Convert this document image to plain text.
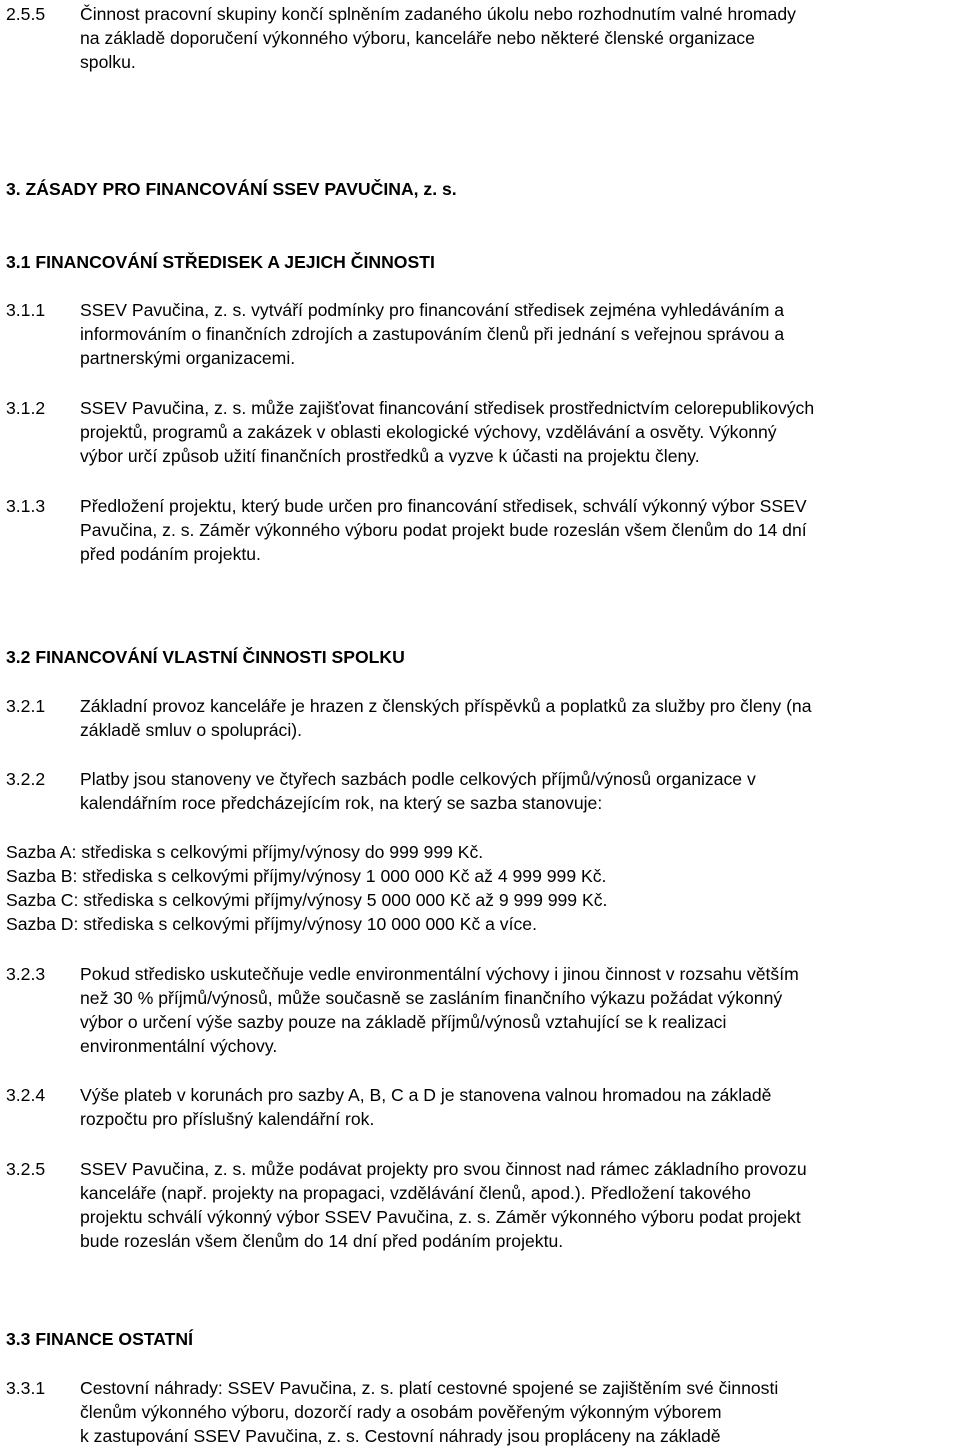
2.5.5 Činnost pracovní skupiny končí splněním zadaného úkolu nebo rozhodnutím valné hromady
na základě doporučení výkonného výboru, kanceláře nebo některé členské organizace
spolku.
3. ZÁSADY PRO FINANCOVÁNÍ SSEV PAVUČINA, z. s.
3.1 FINANCOVÁNÍ STŘEDISEK A JEJICH ČINNOSTI
3.1.1 SSEV Pavučina, z. s. vytváří podmínky pro financování středisek zejména vyhledáváním a
informováním o finančních zdrojích a zastupováním členů při jednání s veřejnou správou a
partnerskými organizacemi.
3.1.2 SSEV Pavučina, z. s. může zajišťovat financování středisek prostřednictvím celorepublikových
projektů, programů a zakázek v oblasti ekologické výchovy, vzdělávání a osvěty. Výkonný
výbor určí způsob užití finančních prostředků a vyzve k účasti na projektu členy.
3.1.3 Předložení projektu, který bude určen pro financování středisek, schválí výkonný výbor SSEV
Pavučina, z. s. Záměr výkonného výboru podat projekt bude rozeslán všem členům do 14 dní
před podáním projektu.
3.2 FINANCOVÁNÍ VLASTNÍ ČINNOSTI SPOLKU
3.2.1 Základní provoz kanceláře je hrazen z členských příspěvků a poplatků za služby pro členy (na
základě smluv o spolupráci).
3.2.2 Platby jsou stanoveny ve čtyřech sazbách podle celkových příjmů/výnosů organizace v
kalendářním roce předcházejícím rok, na který se sazba stanovuje:
Sazba A: střediska s celkovými příjmy/výnosy do 999 999 Kč.
Sazba B: střediska s celkovými příjmy/výnosy 1 000 000 Kč až 4 999 999 Kč.
Sazba C: střediska s celkovými příjmy/výnosy 5 000 000 Kč až 9 999 999 Kč.
Sazba D: střediska s celkovými příjmy/výnosy 10 000 000 Kč a více.
3.2.3 Pokud středisko uskutečňuje vedle environmentální výchovy i jinou činnost v rozsahu větším
než 30 % příjmů/výnosů, může současně se zasláním finančního výkazu požádat výkonný
výbor o určení výše sazby pouze na základě příjmů/výnosů vztahující se k realizaci
environmentální výchovy.
3.2.4 Výše plateb v korunách pro sazby A, B, C a D je stanovena valnou hromadou na základě
rozpočtu pro příslušný kalendářní rok.
3.2.5 SSEV Pavučina, z. s. může podávat projekty pro svou činnost nad rámec základního provozu
kanceláře (např. projekty na propagaci, vzdělávání členů, apod.). Předložení takového
projektu schválí výkonný výbor SSEV Pavučina, z. s. Záměr výkonného výboru podat projekt
bude rozeslán všem členům do 14 dní před podáním projektu.
3.3 FINANCE OSTATNÍ
3.3.1 Cestovní náhrady: SSEV Pavučina, z. s. platí cestovné spojené se zajištěním své činnosti
členům výkonného výboru, dozorčí rady a osobám pověřeným výkonným výborem
k zastupování SSEV Pavučina, z. s. Cestovní náhrady jsou propláceny na základě
